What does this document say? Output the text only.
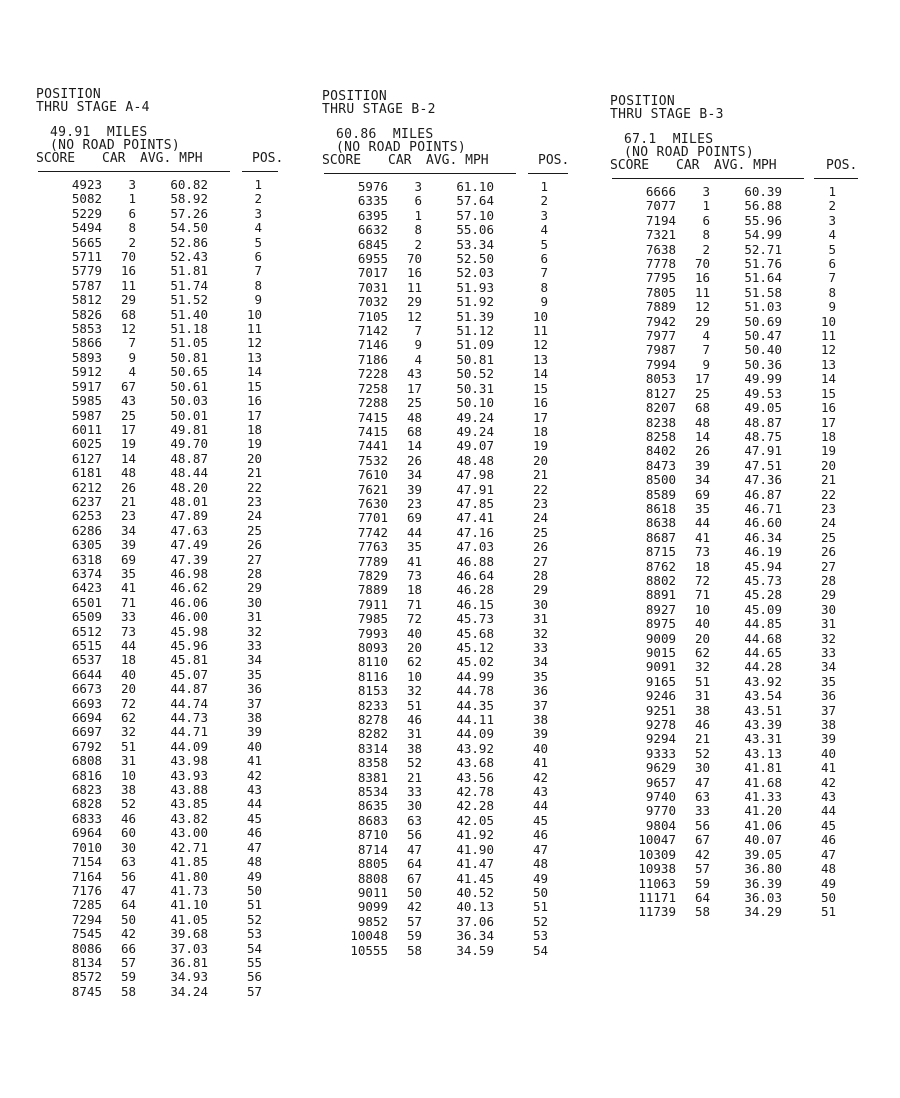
POSITION
THRU STAGE A-4
49.91  MILES
(NO ROAD POINTS)
SCORE	CAR	AVG. MPH	POS.
4923	3	60.82	1
5082	1	58.92	2
5229	6	57.26	3
5494	8	54.50	4
5665	2	52.86	5
5711	70	52.43	6
5779	16	51.81	7
5787	11	51.74	8
5812	29	51.52	9
5826	68	51.40	10
5853	12	51.18	11
5866	7	51.05	12
5893	9	50.81	13
5912	4	50.65	14
5917	67	50.61	15
5985	43	50.03	16
5987	25	50.01	17
6011	17	49.81	18
6025	19	49.70	19
6127	14	48.87	20
6181	48	48.44	21
6212	26	48.20	22
6237	21	48.01	23
6253	23	47.89	24
6286	34	47.63	25
6305	39	47.49	26
6318	69	47.39	27
6374	35	46.98	28
6423	41	46.62	29
6501	71	46.06	30
6509	33	46.00	31
6512	73	45.98	32
6515	44	45.96	33
6537	18	45.81	34
6644	40	45.07	35
6673	20	44.87	36
6693	72	44.74	37
6694	62	44.73	38
6697	32	44.71	39
6792	51	44.09	40
6808	31	43.98	41
6816	10	43.93	42
6823	38	43.88	43
6828	52	43.85	44
6833	46	43.82	45
6964	60	43.00	46
7010	30	42.71	47
7154	63	41.85	48
7164	56	41.80	49
7176	47	41.73	50
7285	64	41.10	51
7294	50	41.05	52
7545	42	39.68	53
8086	66	37.03	54
8134	57	36.81	55
8572	59	34.93	56
8745	58	34.24	57
POSITION
THRU STAGE B-2
60.86  MILES
(NO ROAD POINTS)
SCORE	CAR	AVG. MPH	POS.
5976	3	61.10	1
6335	6	57.64	2
6395	1	57.10	3
6632	8	55.06	4
6845	2	53.34	5
6955	70	52.50	6
7017	16	52.03	7
7031	11	51.93	8
7032	29	51.92	9
7105	12	51.39	10
7142	7	51.12	11
7146	9	51.09	12
7186	4	50.81	13
7228	43	50.52	14
7258	17	50.31	15
7288	25	50.10	16
7415	48	49.24	17
7415	68	49.24	18
7441	14	49.07	19
7532	26	48.48	20
7610	34	47.98	21
7621	39	47.91	22
7630	23	47.85	23
7701	69	47.41	24
7742	44	47.16	25
7763	35	47.03	26
7789	41	46.88	27
7829	73	46.64	28
7889	18	46.28	29
7911	71	46.15	30
7985	72	45.73	31
7993	40	45.68	32
8093	20	45.12	33
8110	62	45.02	34
8116	10	44.99	35
8153	32	44.78	36
8233	51	44.35	37
8278	46	44.11	38
8282	31	44.09	39
8314	38	43.92	40
8358	52	43.68	41
8381	21	43.56	42
8534	33	42.78	43
8635	30	42.28	44
8683	63	42.05	45
8710	56	41.92	46
8714	47	41.90	47
8805	64	41.47	48
8808	67	41.45	49
9011	50	40.52	50
9099	42	40.13	51
9852	57	37.06	52
10048	59	36.34	53
10555	58	34.59	54
POSITION
THRU STAGE B-3
67.1  MILES
(NO ROAD POINTS)
SCORE	CAR	AVG. MPH	POS.
6666	3	60.39	1
7077	1	56.88	2
7194	6	55.96	3
7321	8	54.99	4
7638	2	52.71	5
7778	70	51.76	6
7795	16	51.64	7
7805	11	51.58	8
7889	12	51.03	9
7942	29	50.69	10
7977	4	50.47	11
7987	7	50.40	12
7994	9	50.36	13
8053	17	49.99	14
8127	25	49.53	15
8207	68	49.05	16
8238	48	48.87	17
8258	14	48.75	18
8402	26	47.91	19
8473	39	47.51	20
8500	34	47.36	21
8589	69	46.87	22
8618	35	46.71	23
8638	44	46.60	24
8687	41	46.34	25
8715	73	46.19	26
8762	18	45.94	27
8802	72	45.73	28
8891	71	45.28	29
8927	10	45.09	30
8975	40	44.85	31
9009	20	44.68	32
9015	62	44.65	33
9091	32	44.28	34
9165	51	43.92	35
9246	31	43.54	36
9251	38	43.51	37
9278	46	43.39	38
9294	21	43.31	39
9333	52	43.13	40
9629	30	41.81	41
9657	47	41.68	42
9740	63	41.33	43
9770	33	41.20	44
9804	56	41.06	45
10047	67	40.07	46
10309	42	39.05	47
10938	57	36.80	48
11063	59	36.39	49
11171	64	36.03	50
11739	58	34.29	51
